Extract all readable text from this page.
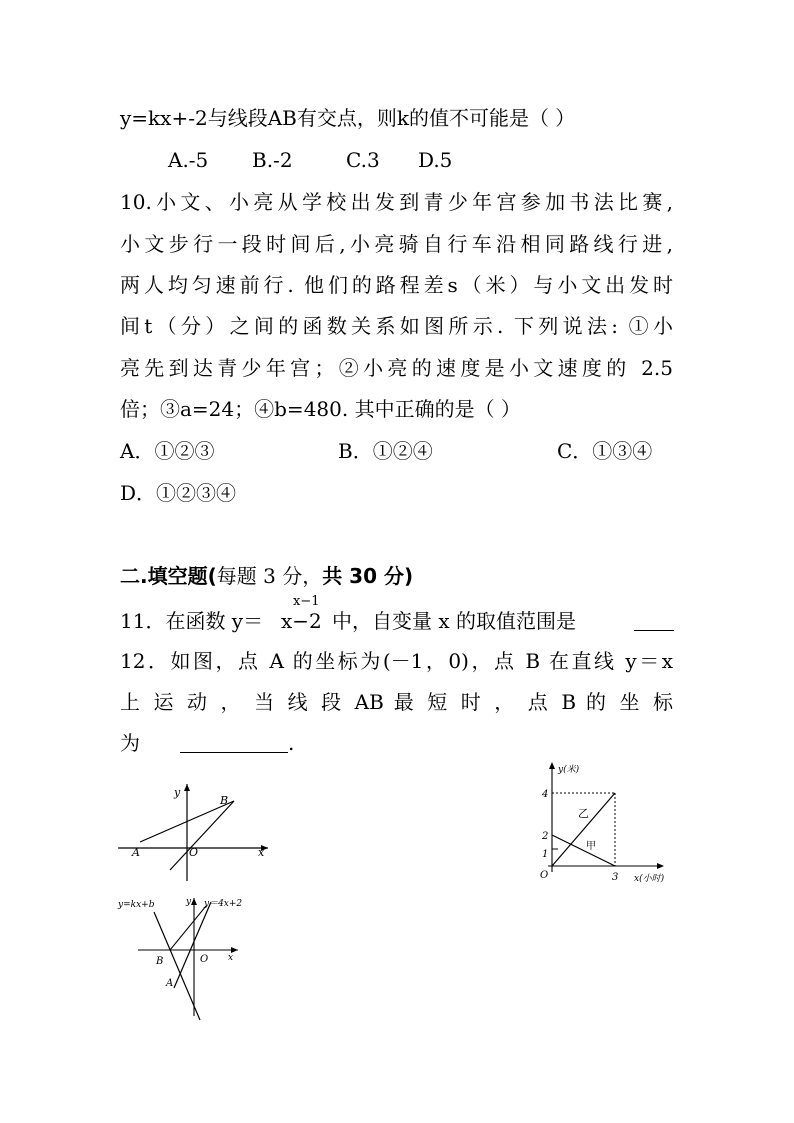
y=kx+-2与线段AB有交点，则k的值不可能是（ ）
A.-5 B.-2	C.3 D.5
10.小文、小亮从学校出发到青少年宫参加书法比赛,
小文步行一段时间后,小亮骑自行车沿相同路线行进,
两人均匀速前行. 他们的路程差s（米）与小文出发时
间t（分）之间的函数关系如图所示. 下列说法: ①小
亮先到达青少年宫；②小亮的速度是小文速度的 2.5
倍；③a=24；④b=480. 其中正确的是（ ）
A．①②③	B．①②④	C．①③④
D．①②③④
二.填空题(每题 3 分，共 30 分)
11．在函数 y＝
x−1
x−2 中，自变量 x 的取值范围是
12．如图，点 A 的坐标为(－1，0)，点 B 在直线 y＝x
上 运 动 ， 当 线 段 AB 最 短 时 ， 点 B 的 坐 标
为	.
A
B
O	x
y
y=kx+b	y＝4x+2
B	O
A
x
y
y(米)
x(小时)
O
4
2
1
3
乙
甲
